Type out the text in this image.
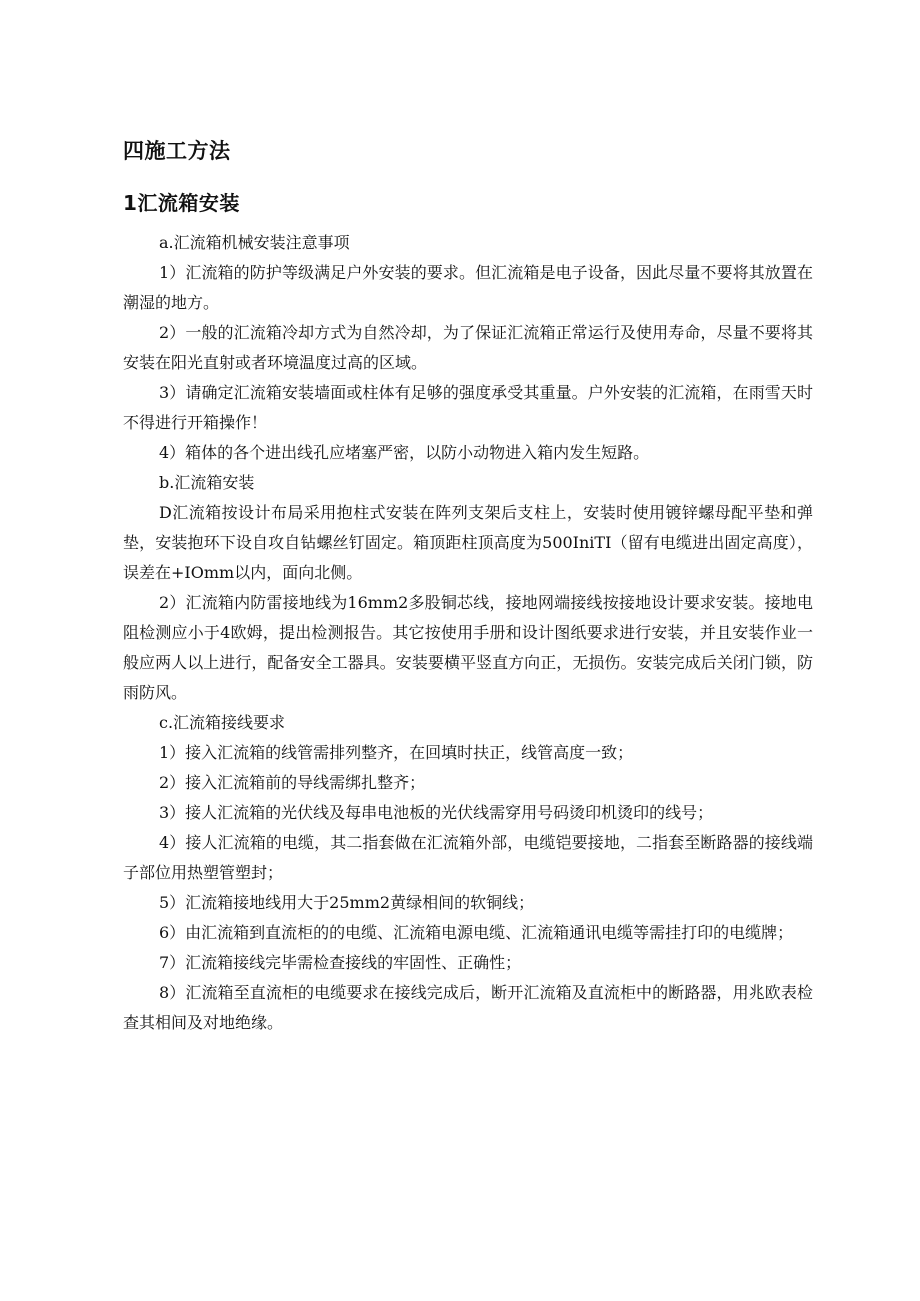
四施工方法
1汇流箱安装

a.汇流箱机械安装注意事项

1）汇流箱的防护等级满足户外安装的要求。但汇流箱是电子设备，因此尽量不要将其放置在潮湿的地方。

2）一般的汇流箱冷却方式为自然冷却，为了保证汇流箱正常运行及使用寿命，尽量不要将其安装在阳光直射或者环境温度过高的区域。

3）请确定汇流箱安装墙面或柱体有足够的强度承受其重量。户外安装的汇流箱，在雨雪天时不得进行开箱操作！

4）箱体的各个进出线孔应堵塞严密，以防小动物进入箱内发生短路。

b.汇流箱安装

D汇流箱按设计布局采用抱柱式安装在阵列支架后支柱上，安装时使用镀锌螺母配平垫和弹垫，安装抱环下设自攻自钻螺丝钉固定。箱顶距柱顶高度为500IniTI（留有电缆进出固定高度），误差在+IOmm以内，面向北侧。

2）汇流箱内防雷接地线为16mm2多股铜芯线，接地网端接线按接地设计要求安装。接地电阻检测应小于4欧姆，提出检测报告。其它按使用手册和设计图纸要求进行安装，并且安装作业一般应两人以上进行，配备安全工器具。安装要横平竖直方向正，无损伤。安装完成后关闭门锁，防雨防风。

c.汇流箱接线要求

1）接入汇流箱的线管需排列整齐，在回填时扶正，线管高度一致；

2）接入汇流箱前的导线需绑扎整齐；

3）接人汇流箱的光伏线及每串电池板的光伏线需穿用号码烫印机烫印的线号；

4）接人汇流箱的电缆，其二指套做在汇流箱外部，电缆铠要接地，二指套至断路器的接线端子部位用热塑管塑封；

5）汇流箱接地线用大于25mm2黄绿相间的软铜线；

6）由汇流箱到直流柜的的电缆、汇流箱电源电缆、汇流箱通讯电缆等需挂打印的电缆牌；

7）汇流箱接线完毕需检查接线的牢固性、正确性；

8）汇流箱至直流柜的电缆要求在接线完成后，断开汇流箱及直流柜中的断路器，用兆欧表检查其相间及对地绝缘。
